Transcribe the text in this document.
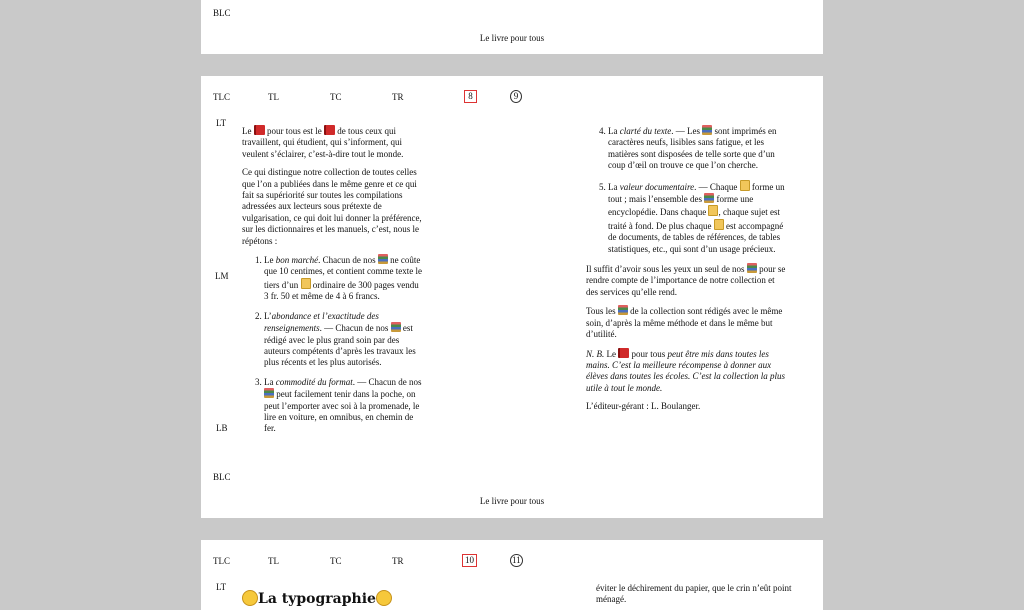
BLC
Le livre pour tous
TLC	TL	TC	TR	8	9
LT
LM
LB

Le  pour tous est le  de tous ceux qui travaillent, qui étudient, qui s’informent, qui veulent s’éclairer, c’est-à-dire tout le monde.

Ce qui distingue notre collection de toutes celles que l’on a publiées dans le même genre et ce qui fait sa supériorité sur toutes les compilations adressées aux lecteurs sous prétexte de vulgarisation, ce qui doit lui donner la préférence, sur les dictionnaires et les manuels, c’est, nous le répétons :

1. Le bon marché. Chacun de nos  ne coûte que 10 centimes, et contient comme texte le tiers d’un  ordinaire de 300 pages vendu 3 fr. 50 et même de 4 à 6 francs.
2. L’abondance et l’exactitude des renseignements. — Chacun de nos  est rédigé avec le plus grand soin par des auteurs compétents d’après les travaux les plus récents et les plus autorisés.
3. La commodité du format. — Chacun de nos  peut facilement tenir dans la poche, on peut l’emporter avec soi à la promenade, le lire en voiture, en omnibus, en chemin de fer.
4. La clarté du texte. — Les  sont imprimés en caractères neufs, lisibles sans fatigue, et les matières sont disposées de telle sorte que d’un coup d’œil on trouve ce que l’on cherche.
5. La valeur documentaire. — Chaque  forme un tout ; mais l’ensemble des  forme une encyclopédie. Dans chaque , chaque sujet est traité à fond. De plus chaque  est accompagné de documents, de tables de références, de tables statistiques, etc., qui sont d’un usage précieux.

Il suffit d’avoir sous les yeux un seul de nos  pour se rendre compte de l’importance de notre collection et des services qu’elle rend.

Tous les  de la collection sont rédigés avec le même soin, d’après la même méthode et dans le même but d’utilité.

N. B. Le  pour tous peut être mis dans toutes les mains. C’est la meilleure récompense à donner aux élèves dans toutes les écoles. C’est la collection la plus utile à tout le monde.

L’éditeur-gérant : L. Boulanger.

BLC
Le livre pour tous
TLC	TL	TC	TR	10	11
LT
La typographie
éviter le déchirement du papier, que le crin n’eût point ménagé.
